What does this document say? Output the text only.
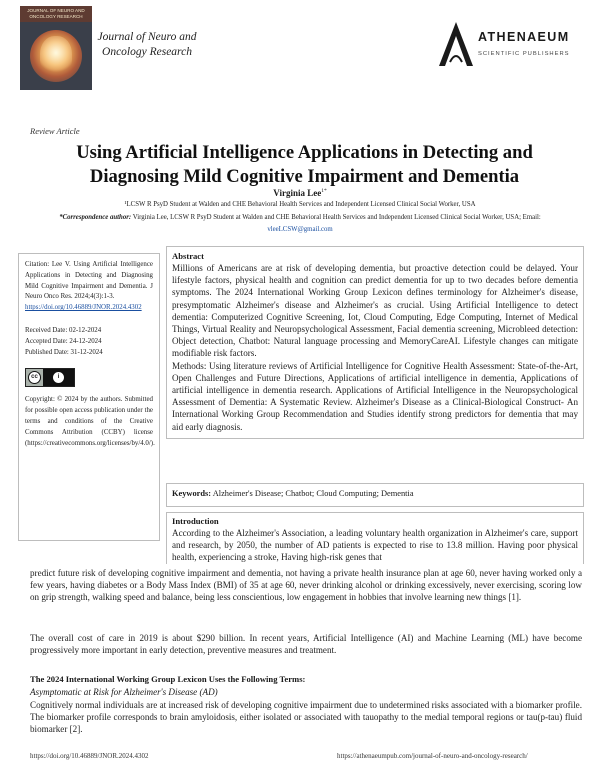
JOURNAL OF NEURO AND ONCOLOGY RESEARCH
Journal of Neuro and Oncology Research
ATHENAEUM
SCIENTIFIC PUBLISHERS
Review Article
Using Artificial Intelligence Applications in Detecting and Diagnosing Mild Cognitive Impairment and Dementia
Virginia Lee$^{1*}$
¹LCSW R PsyD Student at Walden and CHE Behavioral Health Services and Independent Licensed Clinical Social Worker, USA
*Correspondence author: Virginia Lee, LCSW R PsyD Student at Walden and CHE Behavioral Health Services and Independent Licensed Clinical Social Worker, USA; Email: vleeLCSW@gmail.com
Citation: Lee V. Using Artificial Intelligence Applications in Detecting and Diagnosing Mild Cognitive Impairment and Dementia. J Neuro Onco Res. 2024;4(3):1-3.
https://doi.org/10.46889/JNOR.2024.4302
Received Date: 02-12-2024
Accepted Date: 24-12-2024
Published Date: 31-12-2024
cc	i
Copyright: © 2024 by the authors. Submitted for possible open access publication under the terms and conditions of the Creative Commons Attribution (CCBY) license (https://creativecommons.org/licenses/by/4.0/).
Abstract

Millions of Americans are at risk of developing dementia, but proactive detection could be delayed. Your lifestyle factors, physical health and cognition can predict dementia for up to two decades before dementia symptoms. The 2024 International Working Group Lexicon defines terminology for Alzheimer's disease, presymptomatic Alzheimer's disease and Alzheimer's as crucial. Using Artificial Intelligence to detect dementia: Computerized Cognitive Screening, Iot, Cloud Computing, Edge Computing, Internet of Medical Things, Virtual Reality and Neuropsychological Assessment, Facial dementia screening, Microbleed detection: Object detection, Chatbot: Natural language processing and MemoryCareAI. Lifestyle changes can mitigate modifiable risk factors.

Methods: Using literature reviews of Artificial Intelligence for Cognitive Health Assessment: State-of-the-Art, Open Challenges and Future Directions, Applications of artificial intelligence in dementia, Applications of artificial intelligence in dementia research. Applications of Artificial Intelligence in the Neuropsychological Assessment of Dementia: A Systematic Review. Alzheimer's Disease as a Clinical-Biological Construct- An International Working Group Recommendation and Studies identify strong predictors for dementia that may aid early diagnosis.

Keywords: Alzheimer's Disease; Chatbot; Cloud Computing; Dementia
Introduction
According to the Alzheimer's Association, a leading voluntary health organization in Alzheimer's care, support and research, by 2050, the number of AD patients is expected to rise to 13.8 million. Having poor physical health, experiencing a stroke, Having high-risk genes that
predict future risk of developing cognitive impairment and dementia, not having a private health insurance plan at age 60, never having worked only a few years, having diabetes or a Body Mass Index (BMI) of 35 at age 60, never drinking alcohol or drinking excessively, never exercising, scoring low on grip strength, walking speed and balance, being less conscientious, low engagement in hobbies that involve learning new things [1].
The overall cost of care in 2019 is about $290 billion. In recent years, Artificial Intelligence (AI) and Machine Learning (ML) have become progressively more important in early detection, preventive measures and treatment.
The 2024 International Working Group Lexicon Uses the Following Terms:
Asymptomatic at Risk for Alzheimer's Disease (AD)
Cognitively normal individuals are at increased risk of developing cognitive impairment due to undetermined risks associated with a biomarker profile. The biomarker profile corresponds to brain amyloidosis, either isolated or associated with tauopathy to the medial temporal regions or tau(p-tau) fluid biomarker [2].
https://doi.org/10.46889/JNOR.2024.4302	https://athenaeumpub.com/journal-of-neuro-and-oncology-research/
